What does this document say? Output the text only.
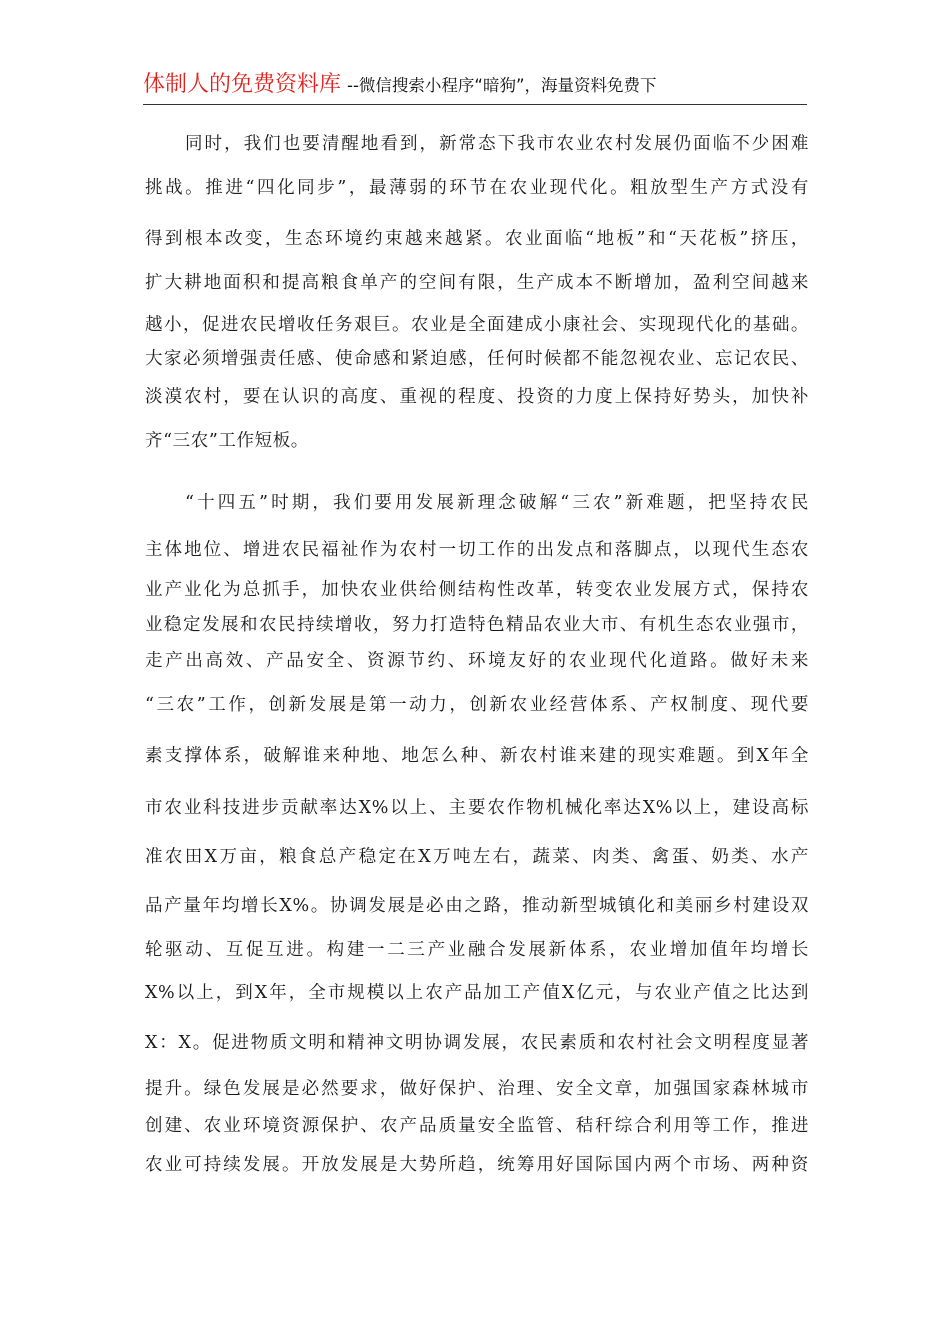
体制人的免费资料库 --微信搜索小程序“暗狗”，海量资料免费下
同时，我们也要清醒地看到，新常态下我市农业农村发展仍面临不少困难
挑战。推进“四化同步”，最薄弱的环节在农业现代化。粗放型生产方式没有
得到根本改变，生态环境约束越来越紧。农业面临“地板”和“天花板”挤压，
扩大耕地面积和提高粮食单产的空间有限，生产成本不断增加，盈利空间越来
越小，促进农民增收任务艰巨。农业是全面建成小康社会、实现现代化的基础。
大家必须增强责任感、使命感和紧迫感，任何时候都不能忽视农业、忘记农民、
淡漠农村，要在认识的高度、重视的程度、投资的力度上保持好势头，加快补
齐“三农”工作短板。
“十四五”时期，我们要用发展新理念破解“三农”新难题，把坚持农民
主体地位、增进农民福祉作为农村一切工作的出发点和落脚点，以现代生态农
业产业化为总抓手，加快农业供给侧结构性改革，转变农业发展方式，保持农
业稳定发展和农民持续增收，努力打造特色精品农业大市、有机生态农业强市，
走产出高效、产品安全、资源节约、环境友好的农业现代化道路。做好未来
“三农”工作，创新发展是第一动力，创新农业经营体系、产权制度、现代要
素支撑体系，破解谁来种地、地怎么种、新农村谁来建的现实难题。到X年全
市农业科技进步贡献率达X%以上、主要农作物机械化率达X%以上，建设高标
准农田X万亩，粮食总产稳定在X万吨左右，蔬菜、肉类、禽蛋、奶类、水产
品产量年均增长X%。协调发展是必由之路，推动新型城镇化和美丽乡村建设双
轮驱动、互促互进。构建一二三产业融合发展新体系，农业增加值年均增长
X%以上，到X年，全市规模以上农产品加工产值X亿元，与农业产值之比达到
X：X。促进物质文明和精神文明协调发展，农民素质和农村社会文明程度显著
提升。绿色发展是必然要求，做好保护、治理、安全文章，加强国家森林城市
创建、农业环境资源保护、农产品质量安全监管、秸秆综合利用等工作，推进
农业可持续发展。开放发展是大势所趋，统筹用好国际国内两个市场、两种资
